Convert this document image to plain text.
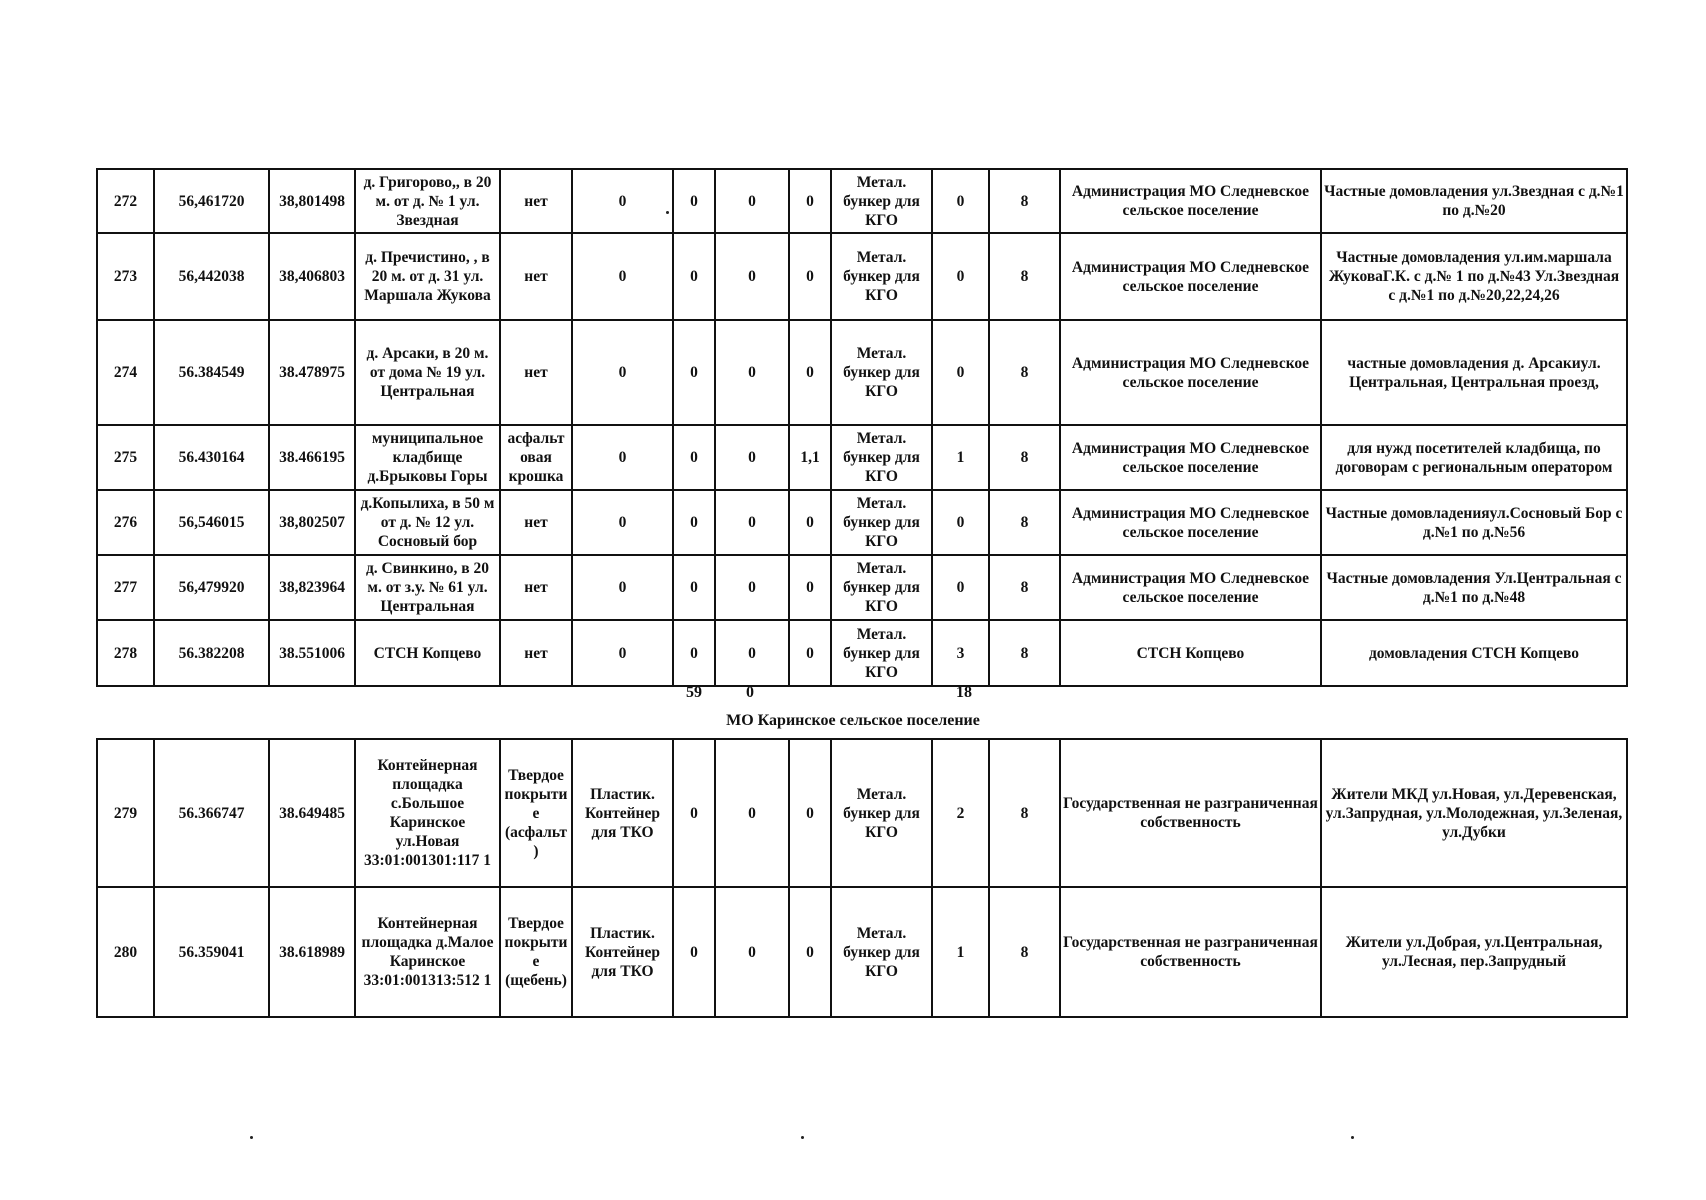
272	56,461720	38,801498	д. Григорово,, в 20 м. от д. № 1 ул. Звездная	нет	0	0	0	0	Метал. бункер для КГО	0	8	Администрация МО Следневское сельское поселение	Частные домовладения ул.Звездная с д.№1 по д.№20
273	56,442038	38,406803	д. Пречистино, , в 20 м. от д. 31 ул. Маршала Жукова	нет	0	0	0	0	Метал. бункер для КГО	0	8	Администрация МО Следневское сельское поселение	Частные домовладения ул.им.маршала ЖуковаГ.К. с д.№ 1 по д.№43 Ул.Звездная с д.№1 по д.№20,22,24,26
274	56.384549	38.478975	д. Арсаки, в 20 м. от дома № 19 ул. Центральная	нет	0	0	0	0	Метал. бункер для КГО	0	8	Администрация МО Следневское сельское поселение	частные домовладения д. Арсакиул. Центральная, Центральная проезд,
275	56.430164	38.466195	муниципальное кладбище д.Брыковы Горы	асфальт овая крошка	0	0	0	1,1	Метал. бункер для КГО	1	8	Администрация МО Следневское сельское поселение	для нужд посетителей кладбища, по договорам с региональным оператором
276	56,546015	38,802507	д.Копылиха, в 50 м от д. № 12 ул. Сосновый бор	нет	0	0	0	0	Метал. бункер для КГО	0	8	Администрация МО Следневское сельское поселение	Частные домовладенияул.Сосновый Бор с д.№1 по д.№56
277	56,479920	38,823964	д. Свинкинo, в 20 м. от з.у. № 61 ул. Центральная	нет	0	0	0	0	Метал. бункер для КГО	0	8	Администрация МО Следневское сельское поселение	Частные домовладения Ул.Центральная с д.№1 по д.№48
278	56.382208	38.551006	СТСН Копцево	нет	0	0	0	0	Метал. бункер для КГО	3	8	СТСН Копцево	домовладения СТСН Копцево
59	0	18
МО Каринское сельское поселение
279	56.366747	38.649485	Контейнерная площадка с.Большое Каринское ул.Новая 33:01:001301:117 1	Твердое покрыти е (асфальт )	Пластик. Контейнер для ТКО	0	0	0	Метал. бункер для КГО	2	8	Государственная не разграниченная собственность	Жители МКД ул.Новая, ул.Деревенская, ул.Запрудная, ул.Молодежная, ул.Зеленая, ул.Дубки
280	56.359041	38.618989	Контейнерная площадка д.Малое Каринское 33:01:001313:512 1	Твердое покрыти е (щебень)	Пластик. Контейнер для ТКО	0	0	0	Метал. бункер для КГО	1	8	Государственная не разграниченная собственность	Жители ул.Добрая, ул.Центральная, ул.Лесная, пер.Запрудный
